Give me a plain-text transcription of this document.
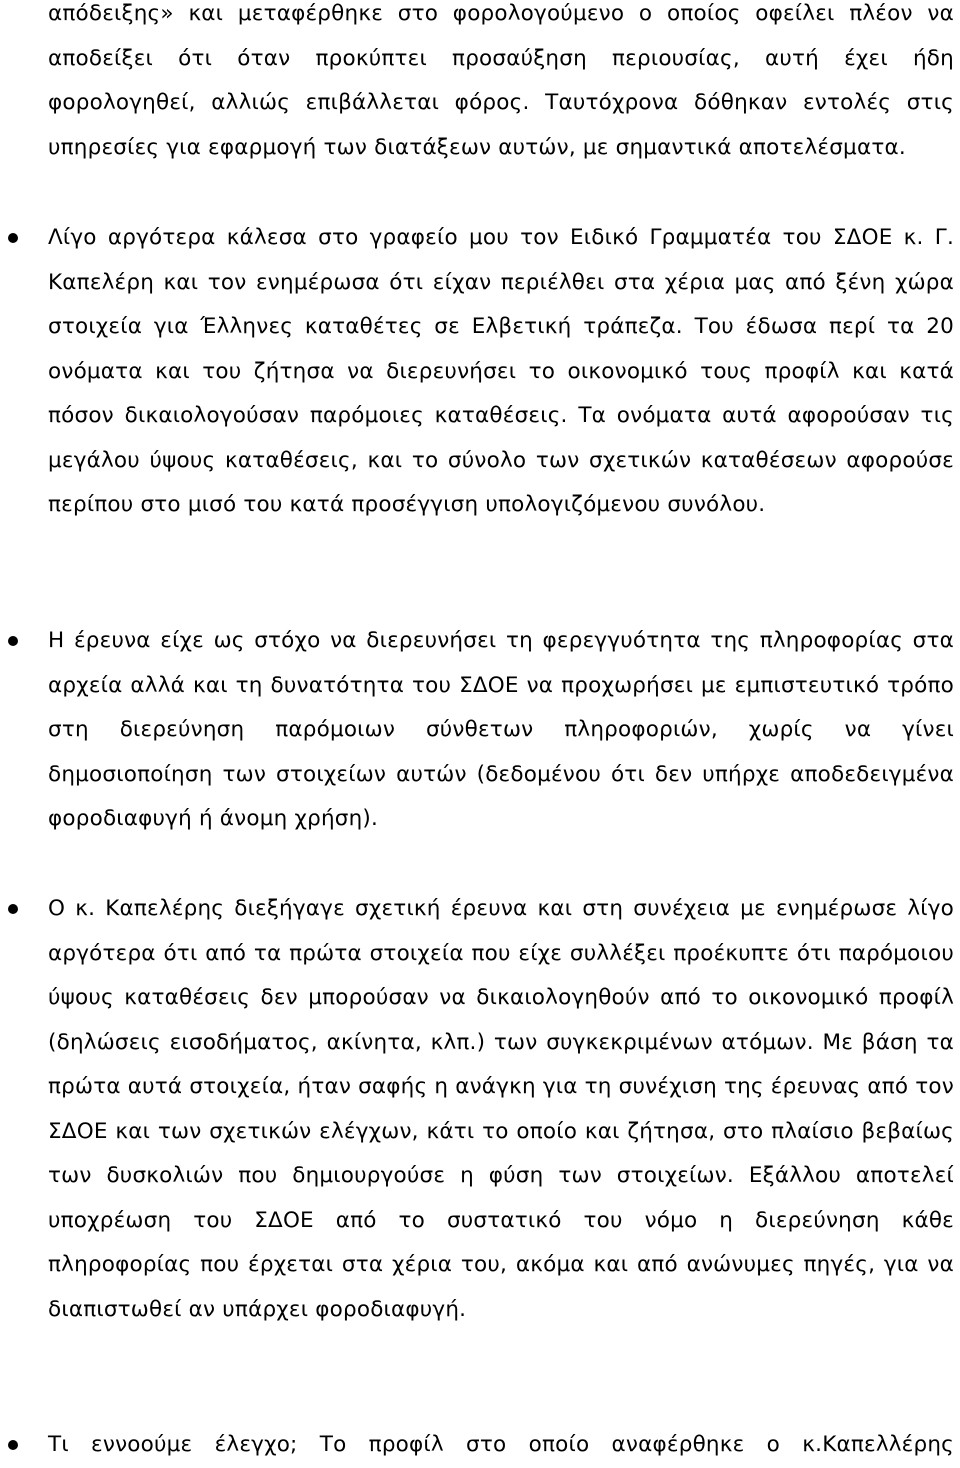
απόδειξης» και μεταφέρθηκε στο φορολογούμενο ο οποίος οφείλει πλέον να αποδείξει ότι όταν προκύπτει προσαύξηση περιουσίας, αυτή έχει ήδη φορολογηθεί, αλλιώς επιβάλλεται φόρος. Ταυτόχρονα δόθηκαν εντολές στις υπηρεσίες για εφαρμογή των διατάξεων αυτών, με σημαντικά αποτελέσματα.

Λίγο αργότερα κάλεσα στο γραφείο μου τον Ειδικό Γραμματέα του ΣΔΟΕ κ. Γ. Καπελέρη και τον ενημέρωσα ότι είχαν περιέλθει στα χέρια μας από ξένη χώρα στοιχεία για Έλληνες καταθέτες σε Ελβετική τράπεζα. Του έδωσα περί τα 20 ονόματα και του ζήτησα να διερευνήσει το οικονομικό τους προφίλ και κατά πόσον δικαιολογούσαν παρόμοιες καταθέσεις. Τα ονόματα αυτά αφορούσαν τις μεγάλου ύψους καταθέσεις, και το σύνολο των σχετικών καταθέσεων αφορούσε περίπου στο μισό του κατά προσέγγιση υπολογιζόμενου συνόλου.
Η έρευνα είχε ως στόχο να διερευνήσει τη φερεγγυότητα της πληροφορίας στα αρχεία αλλά και τη δυνατότητα του ΣΔΟΕ να προχωρήσει με εμπιστευτικό τρόπο στη διερεύνηση παρόμοιων σύνθετων πληροφοριών, χωρίς να γίνει δημοσιοποίηση των στοιχείων αυτών (δεδομένου ότι δεν υπήρχε αποδεδειγμένα φοροδιαφυγή ή άνομη χρήση).
Ο κ. Καπελέρης διεξήγαγε σχετική έρευνα και στη συνέχεια με ενημέρωσε λίγο αργότερα ότι από τα πρώτα στοιχεία που είχε συλλέξει προέκυπτε ότι παρόμοιου ύψους καταθέσεις δεν μπορούσαν να δικαιολογηθούν από το οικονομικό προφίλ (δηλώσεις εισοδήματος, ακίνητα, κλπ.) των συγκεκριμένων ατόμων. Με βάση τα πρώτα αυτά στοιχεία, ήταν σαφής η ανάγκη για τη συνέχιση της έρευνας από τον ΣΔΟΕ και των σχετικών ελέγχων, κάτι το οποίο και ζήτησα, στο πλαίσιο βεβαίως των δυσκολιών που δημιουργούσε η φύση των στοιχείων. Εξάλλου αποτελεί υποχρέωση του ΣΔΟΕ από το συστατικό του νόμο η διερεύνηση κάθε πληροφορίας που έρχεται στα χέρια του, ακόμα και από ανώνυμες πηγές, για να διαπιστωθεί αν υπάρχει φοροδιαφυγή.
Τι εννοούμε έλεγχο; Το προφίλ στο οποίο αναφέρθηκε ο κ.Καπελλέρης
